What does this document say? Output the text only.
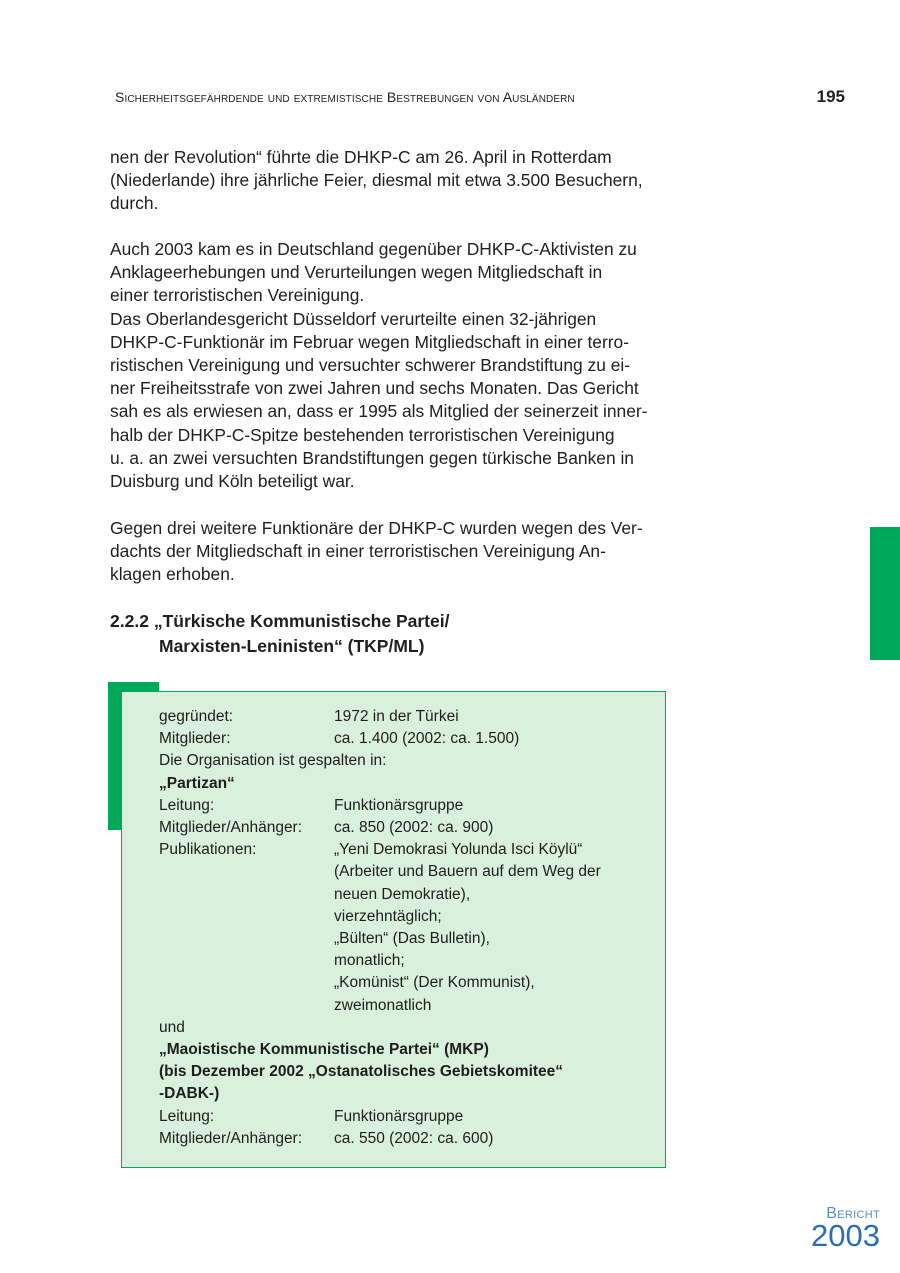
Sicherheitsgefährdende und extremistische Bestrebungen von Ausländern	195

nen der Revolution“ führte die DHKP-C am 26. April in Rotterdam

(Niederlande) ihre jährliche Feier, diesmal mit etwa 3.500 Besuchern,

durch.

Auch 2003 kam es in Deutschland gegenüber DHKP-C-Aktivisten zu

Anklageerhebungen und Verurteilungen wegen Mitgliedschaft in

einer terroristischen Vereinigung.

Das Oberlandesgericht Düsseldorf verurteilte einen 32-jährigen

DHKP-C-Funktionär im Februar wegen Mitgliedschaft in einer terro-

ristischen Vereinigung und versuchter schwerer Brandstiftung zu ei-

ner Freiheitsstrafe von zwei Jahren und sechs Monaten. Das Gericht

sah es als erwiesen an, dass er 1995 als Mitglied der seinerzeit inner-

halb der DHKP-C-Spitze bestehenden terroristischen Vereinigung

u. a. an zwei versuchten Brandstiftungen gegen türkische Banken in

Duisburg und Köln beteiligt war.

Gegen drei weitere Funktionäre der DHKP-C wurden wegen des Ver-

dachts der Mitgliedschaft in einer terroristischen Vereinigung An-

klagen erhoben.

2.2.2 „Türkische Kommunistische Partei/
Marxisten-Leninisten“ (TKP/ML)
gegründet:	1972 in der Türkei
Mitglieder:	ca. 1.400 (2002: ca. 1.500)
Die Organisation ist gespalten in:
„Partizan“
Leitung:	Funktionärsgruppe
Mitglieder/Anhänger:	ca. 850 (2002: ca. 900)
Publikationen:	„Yeni Demokrasi Yolunda Isci Köylü“
(Arbeiter und Bauern auf dem Weg der
neuen Demokratie),
vierzehntäglich;
„Bülten“ (Das Bulletin),
monatlich;
„Komünist“ (Der Kommunist),
zweimonatlich
und
„Maoistische Kommunistische Partei“ (MKP)
(bis Dezember 2002 „Ostanatolisches Gebietskomitee“
-DABK-)
Leitung:	Funktionärsgruppe
Mitglieder/Anhänger:	ca. 550 (2002: ca. 600)
Bericht
2003
